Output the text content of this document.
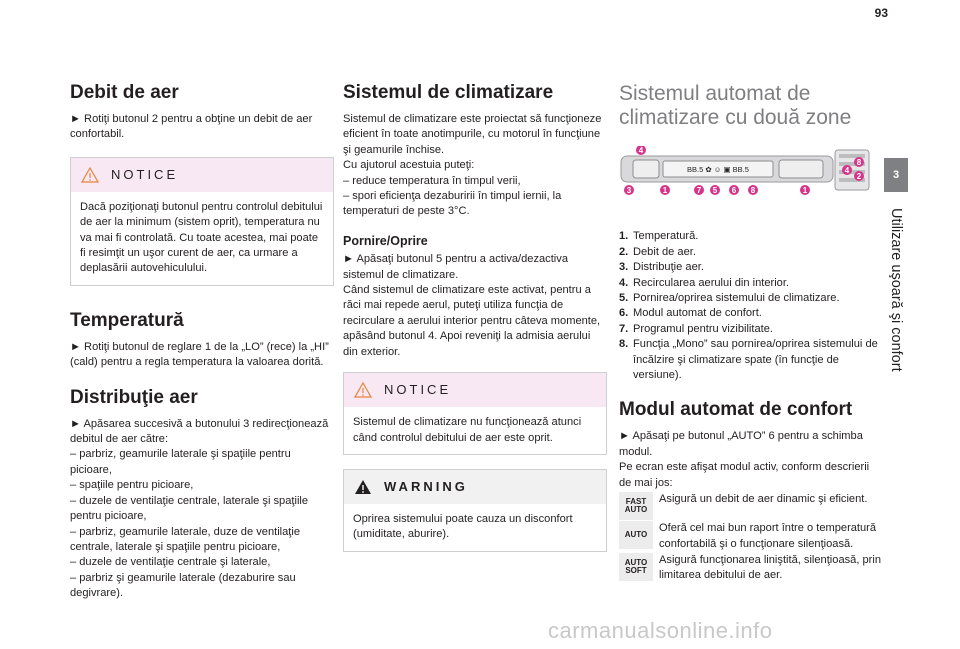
93
Debit de aer

► Rotiţi butonul 2 pentru a obţine un debit de aer confortabil.

NOTICE
Dacă poziţionaţi butonul pentru controlul debitului de aer la minimum (sistem oprit), temperatura nu va mai fi controlată. Cu toate acestea, mai poate fi resimţit un uşor curent de aer, ca urmare a deplasării autovehiculului.
Temperatură

► Rotiţi butonul de reglare 1 de la „LO” (rece) la „HI” (cald) pentru a regla temperatura la valoarea dorită.

Distribuţie aer

► Apăsarea succesivă a butonului 3 redirecţionează debitul de aer către:

– parbriz, geamurile laterale şi spaţiile pentru picioare,
– spaţiile pentru picioare,
– duzele de ventilaţie centrale, laterale şi spaţiile pentru picioare,
– parbriz, geamurile laterale, duze de ventilaţie centrale, laterale şi spaţiile pentru picioare,
– duzele de ventilaţie centrale şi laterale,
– parbriz şi geamurile laterale (dezaburire sau degivrare).
Sistemul de climatizare

Sistemul de climatizare este proiectat să funcţioneze eficient în toate anotimpurile, cu motorul în funcţiune şi geamurile închise.

Cu ajutorul acestuia puteţi:

– reduce temperatura în timpul verii,
– spori eficienţa dezaburirii în timpul iernii, la temperaturi de peste 3°C.
Pornire/Oprire

► Apăsaţi butonul 5 pentru a activa/dezactiva sistemul de climatizare.

Când sistemul de climatizare este activat, pentru a răci mai repede aerul, puteţi utiliza funcţia de recirculare a aerului interior pentru câteva momente, apăsând butonul 4. Apoi reveniţi la admisia aerului din exterior.

NOTICE
Sistemul de climatizare nu funcţionează atunci când controlul debitului de aer este oprit.
WARNING
Oprirea sistemului poate cauza un disconfort (umiditate, aburire).
Sistemul automat de climatizare cu două zone
BB.5 ✿ ☺ ▣ BB.5
4
3	1	7 5 6 8	1
4
8
2
1. Temperatură.
2. Debit de aer.
3. Distribuţie aer.
4. Recircularea aerului din interior.
5. Pornirea/oprirea sistemului de climatizare.
6. Modul automat de confort.
7. Programul pentru vizibilitate.
8. Funcţia „Mono” sau pornirea/oprirea sistemului de încălzire şi climatizare spate (în funcţie de versiune).
Modul automat de confort

► Apăsaţi pe butonul „AUTO” 6 pentru a schimba modul.

Pe ecran este afişat modul activ, conform descrierii de mai jos:

FAST AUTO
Asigură un debit de aer dinamic şi eficient.
AUTO
Oferă cel mai bun raport între o temperatură confortabilă şi o funcţionare silenţioasă.
AUTO SOFT
Asigură funcţionarea liniştită, silenţioasă, prin limitarea debitului de aer.
3
Utilizare uşoară şi confort
carmanualsonline.info
